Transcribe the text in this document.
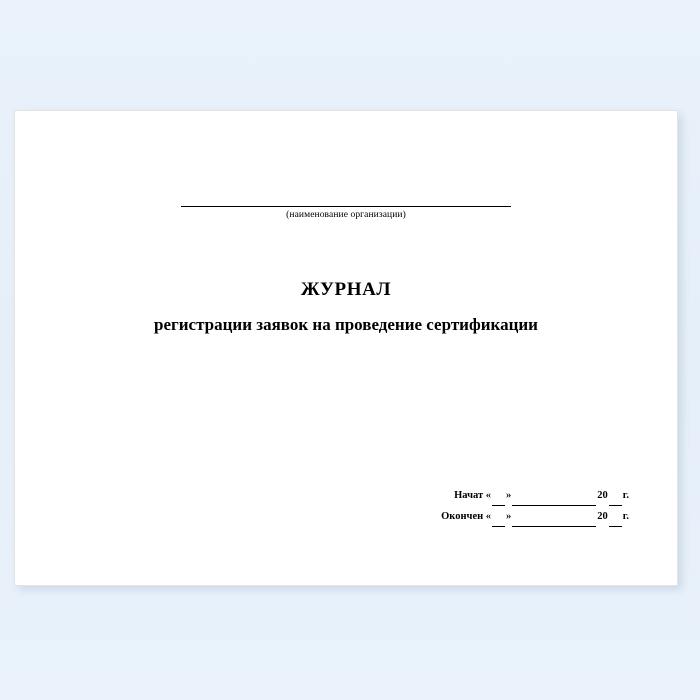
(наименование организации)
ЖУРНАЛ
регистрации заявок на проведение сертификации
Начат « »	20 г.
Окончен « »	20 г.
